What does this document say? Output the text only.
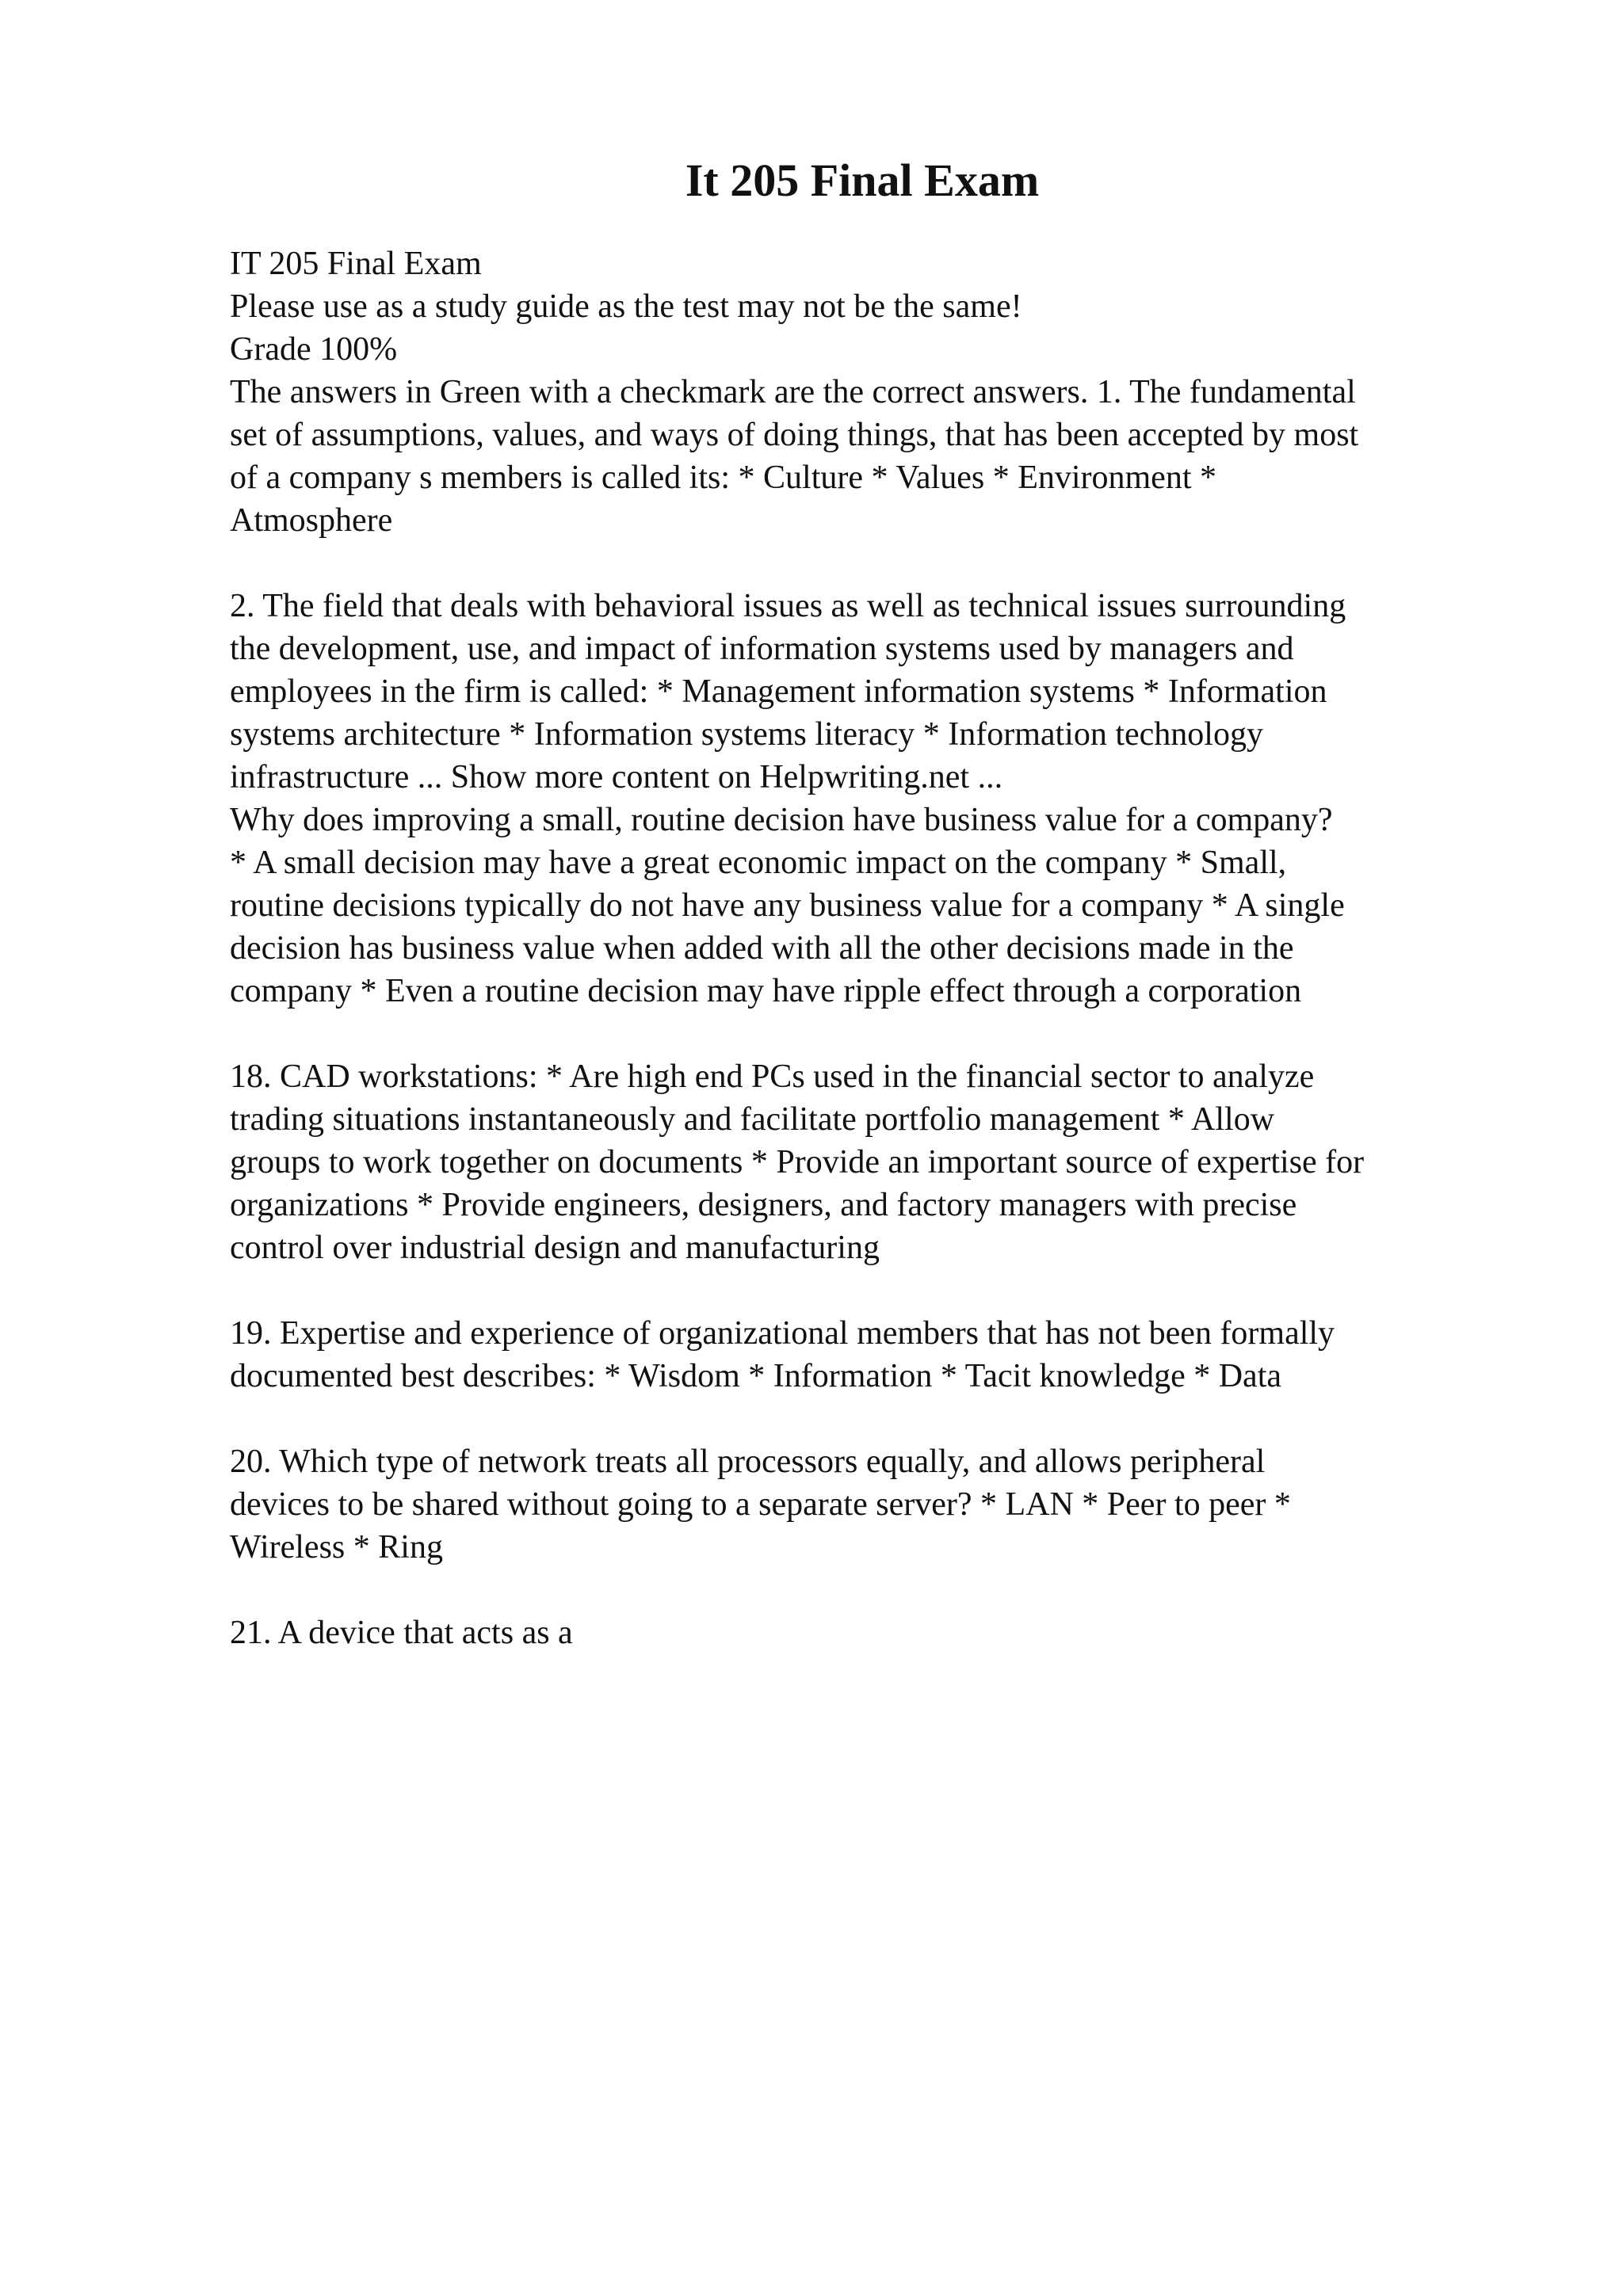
It 205 Final Exam
IT 205 Final Exam
Please use as a study guide as the test may not be the same!
Grade 100%
The answers in Green with a checkmark are the correct answers. 1. The fundamental
set of assumptions, values, and ways of doing things, that has been accepted by most
of a company s members is called its: * Culture * Values * Environment *
Atmosphere
2. The field that deals with behavioral issues as well as technical issues surrounding
the development, use, and impact of information systems used by managers and
employees in the firm is called: * Management information systems * Information
systems architecture * Information systems literacy * Information technology
infrastructure ... Show more content on Helpwriting.net ...
Why does improving a small, routine decision have business value for a company?
* A small decision may have a great economic impact on the company * Small,
routine decisions typically do not have any business value for a company * A single
decision has business value when added with all the other decisions made in the
company * Even a routine decision may have ripple effect through a corporation
18. CAD workstations: * Are high end PCs used in the financial sector to analyze
trading situations instantaneously and facilitate portfolio management * Allow
groups to work together on documents * Provide an important source of expertise for
organizations * Provide engineers, designers, and factory managers with precise
control over industrial design and manufacturing
19. Expertise and experience of organizational members that has not been formally
documented best describes: * Wisdom * Information * Tacit knowledge * Data
20. Which type of network treats all processors equally, and allows peripheral
devices to be shared without going to a separate server? * LAN * Peer to peer *
Wireless * Ring
21. A device that acts as a
